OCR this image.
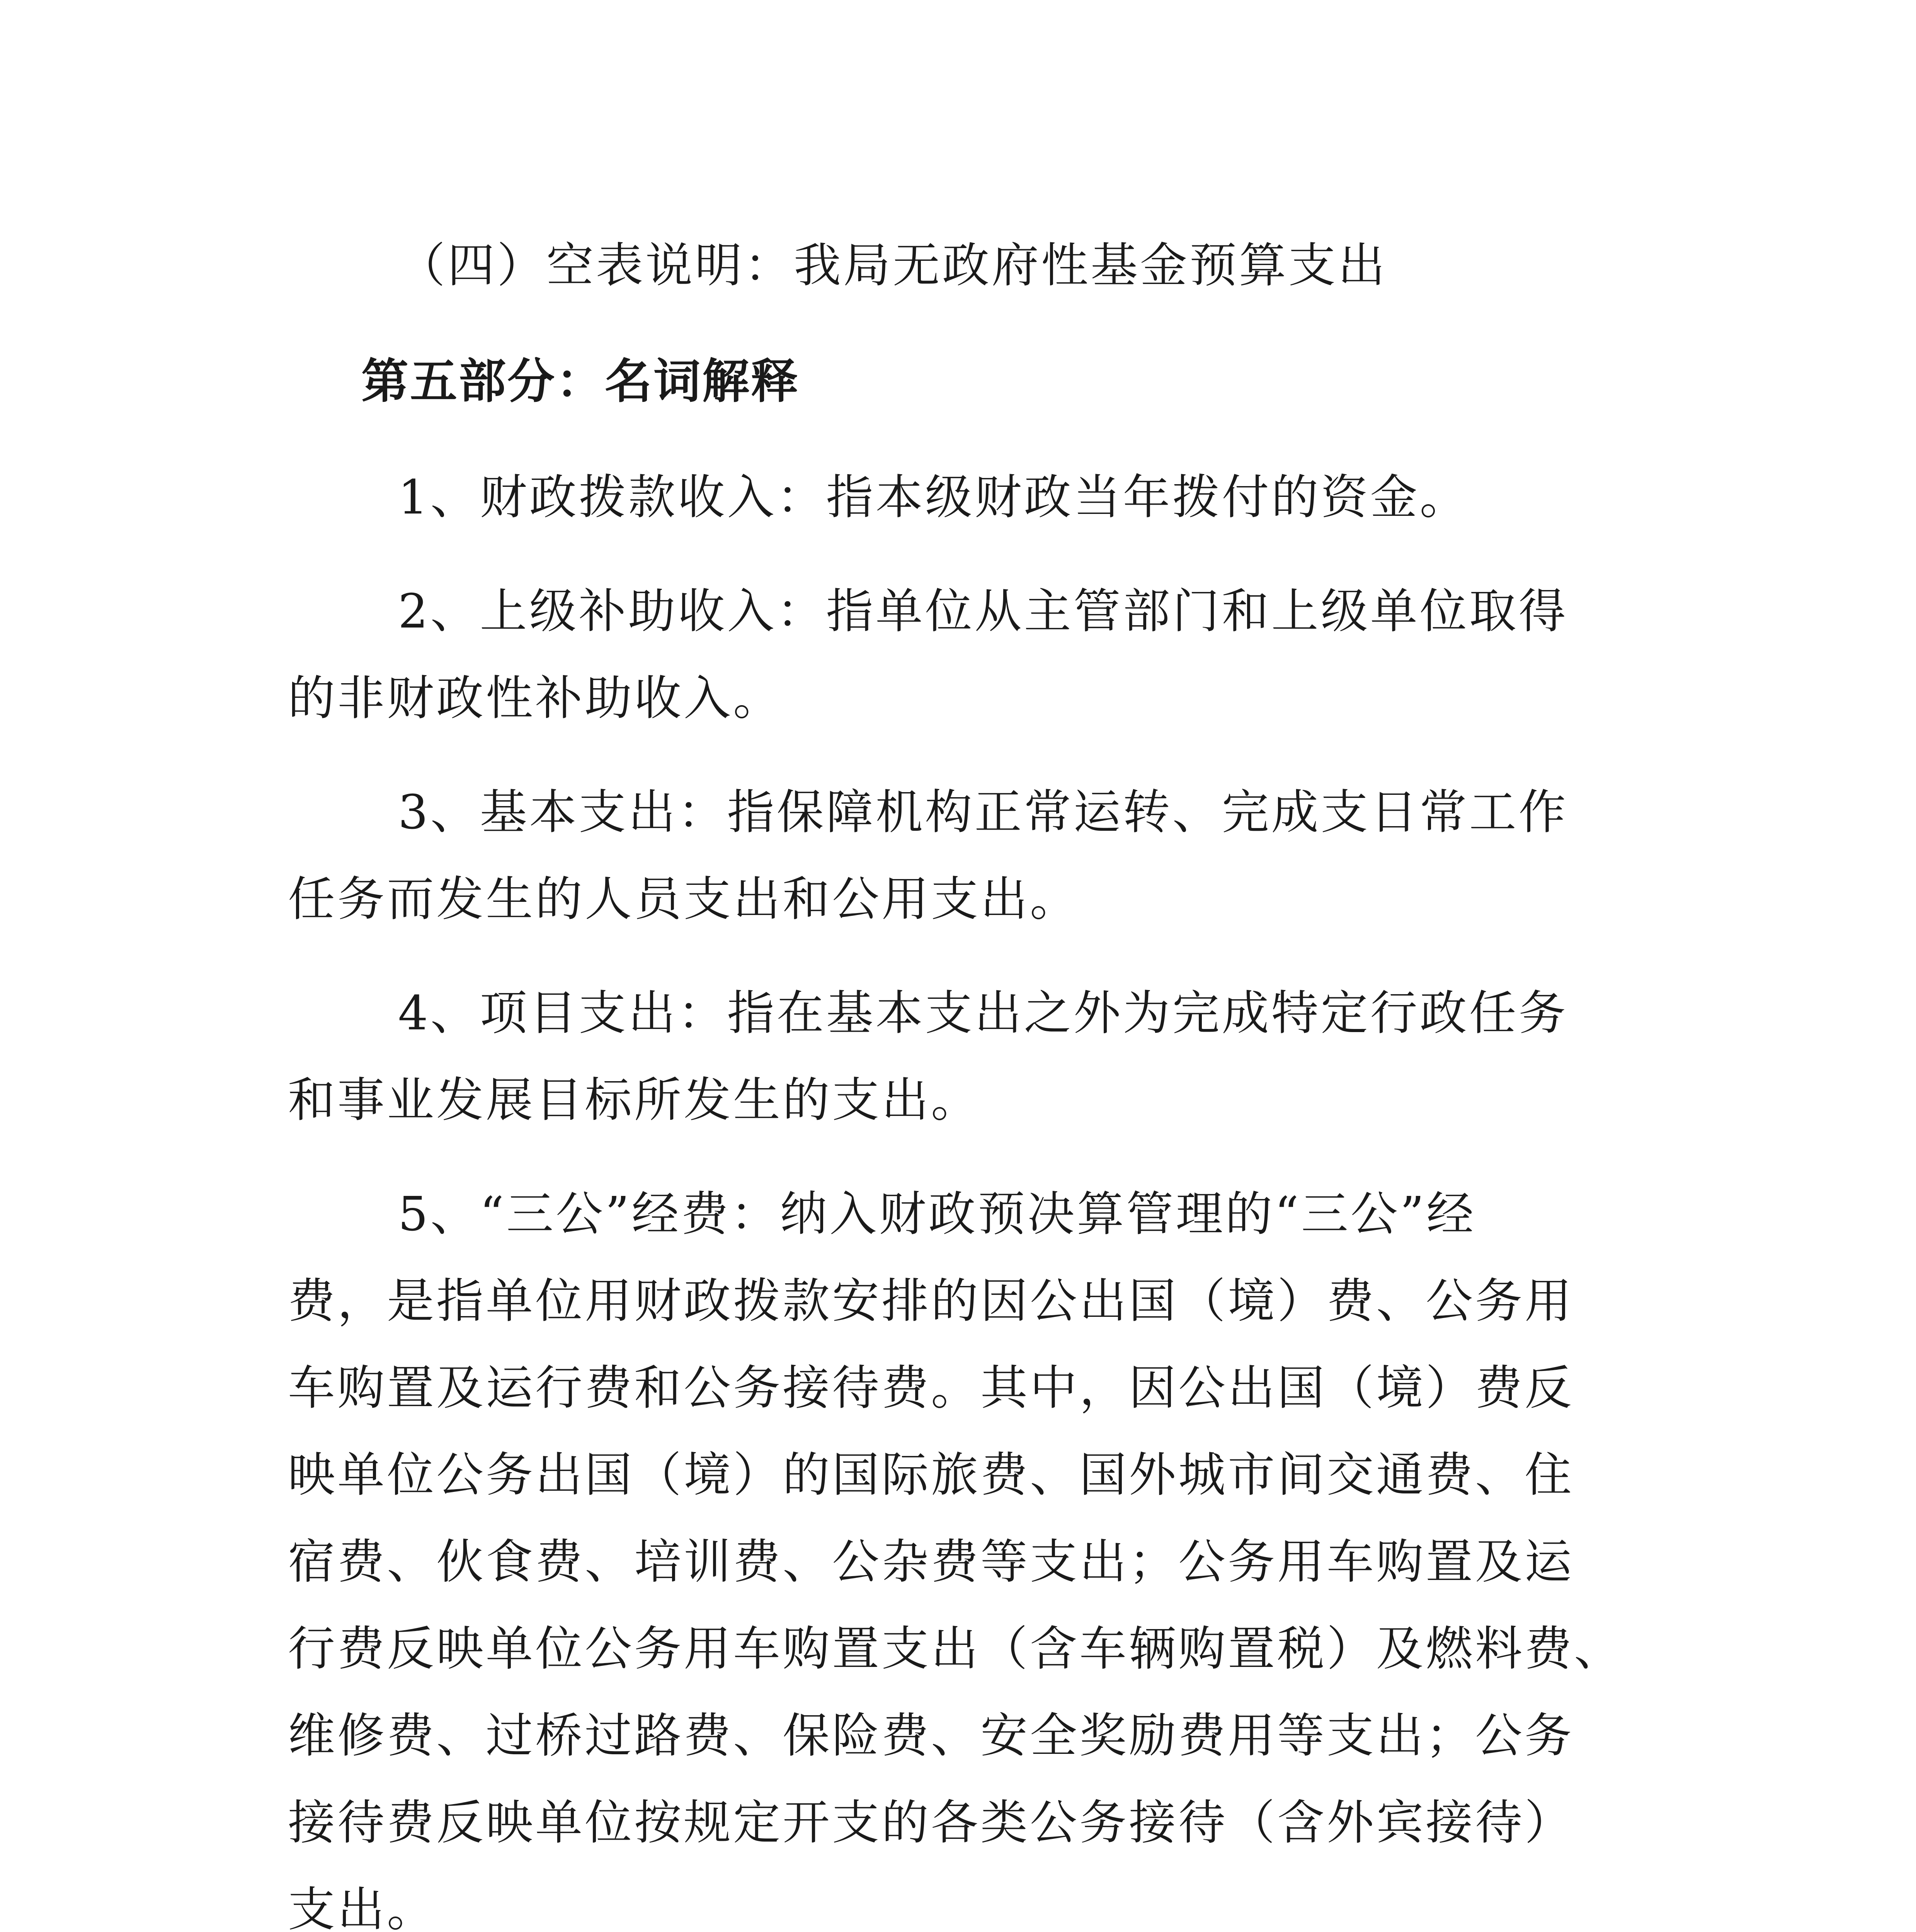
（四）空表说明：我局无政府性基金预算支出

第五部分：名词解释

1、财政拨款收入：指本级财政当年拨付的资金。

2、上级补助收入：指单位从主管部门和上级单位取得

的非财政性补助收入。

3、基本支出：指保障机构正常运转、完成支日常工作

任务而发生的人员支出和公用支出。

4、项目支出：指在基本支出之外为完成特定行政任务

和事业发展目标所发生的支出。

5、“三公”经费：纳入财政预决算管理的“三公”经

费，是指单位用财政拨款安排的因公出国（境）费、公务用

车购置及运行费和公务接待费。其中，因公出国（境）费反

映单位公务出国（境）的国际旅费、国外城市间交通费、住

宿费、伙食费、培训费、公杂费等支出；公务用车购置及运

行费反映单位公务用车购置支出（含车辆购置税）及燃料费、

维修费、过桥过路费、保险费、安全奖励费用等支出；公务

接待费反映单位按规定开支的各类公务接待（含外宾接待）

支出。
